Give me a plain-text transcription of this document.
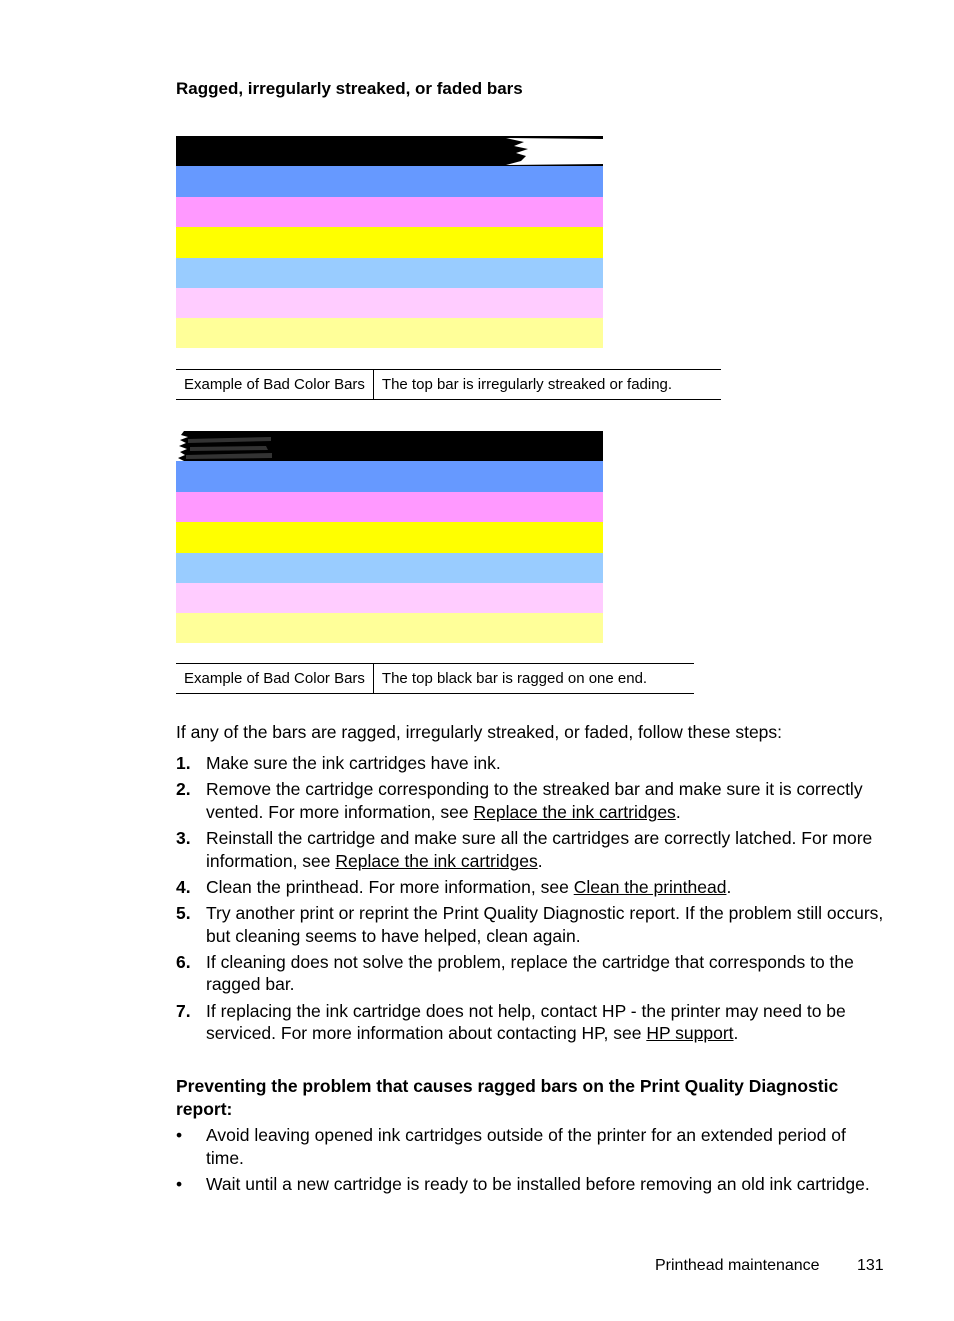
Ragged, irregularly streaked, or faded bars
Example of Bad Color Bars	The top bar is irregularly streaked or fading.
Example of Bad Color Bars	The top black bar is ragged on one end.
If any of the bars are ragged, irregularly streaked, or faded, follow these steps:
1. Make sure the ink cartridges have ink.
2. Remove the cartridge corresponding to the streaked bar and make sure it is correctly vented. For more information, see Replace the ink cartridges.
3. Reinstall the cartridge and make sure all the cartridges are correctly latched. For more information, see Replace the ink cartridges.
4. Clean the printhead. For more information, see Clean the printhead.
5. Try another print or reprint the Print Quality Diagnostic report. If the problem still occurs, but cleaning seems to have helped, clean again.
6. If cleaning does not solve the problem, replace the cartridge that corresponds to the ragged bar.
7. If replacing the ink cartridge does not help, contact HP - the printer may need to be serviced. For more information about contacting HP, see HP support.
Preventing the problem that causes ragged bars on the Print Quality Diagnostic report:
•	Avoid leaving opened ink cartridges outside of the printer for an extended period of time.
•	Wait until a new cartridge is ready to be installed before removing an old ink cartridge.
Printhead maintenance 131
